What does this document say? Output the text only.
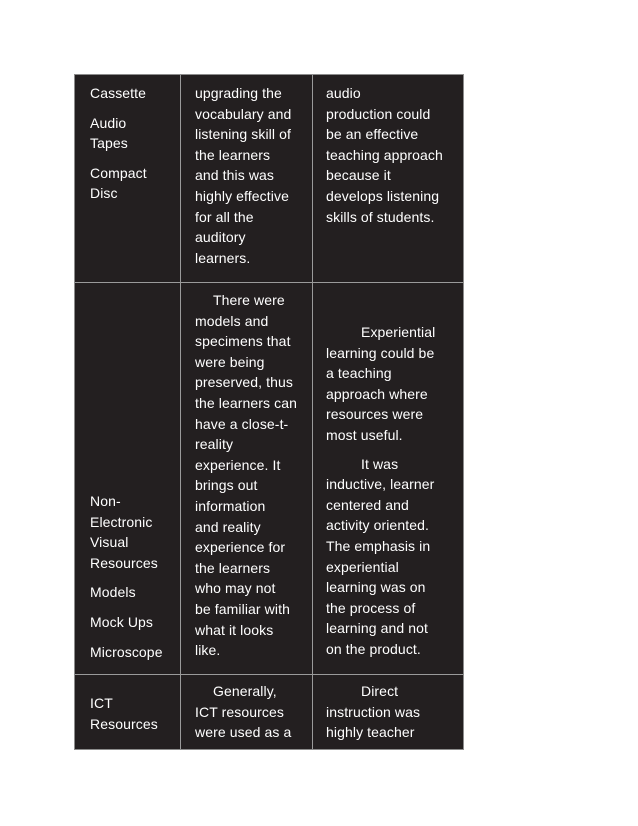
Cassette

Audio

Tapes

Compact

Disc

upgrading the

vocabulary and

listening skill of

the learners

and this was

highly effective

for all the

auditory

learners.

audio

production could

be an effective

teaching approach

because it

develops listening

skills of students.

Non-

Electronic

Visual

Resources

Models

Mock Ups

Microscope

There were

models and

specimens that

were being

preserved, thus

the learners can

have a close-t-

reality

experience. It

brings out

information

and reality

experience for

the learners

who may not

be familiar with

what it looks

like.

Experiential

learning could be

a teaching

approach where

resources were

most useful.

It was

inductive, learner

centered and

activity oriented.

The emphasis in

experiential

learning was on

the process of

learning and not

on the product.

ICT

Resources

Generally,

ICT resources

were used as a

Direct

instruction was

highly teacher
